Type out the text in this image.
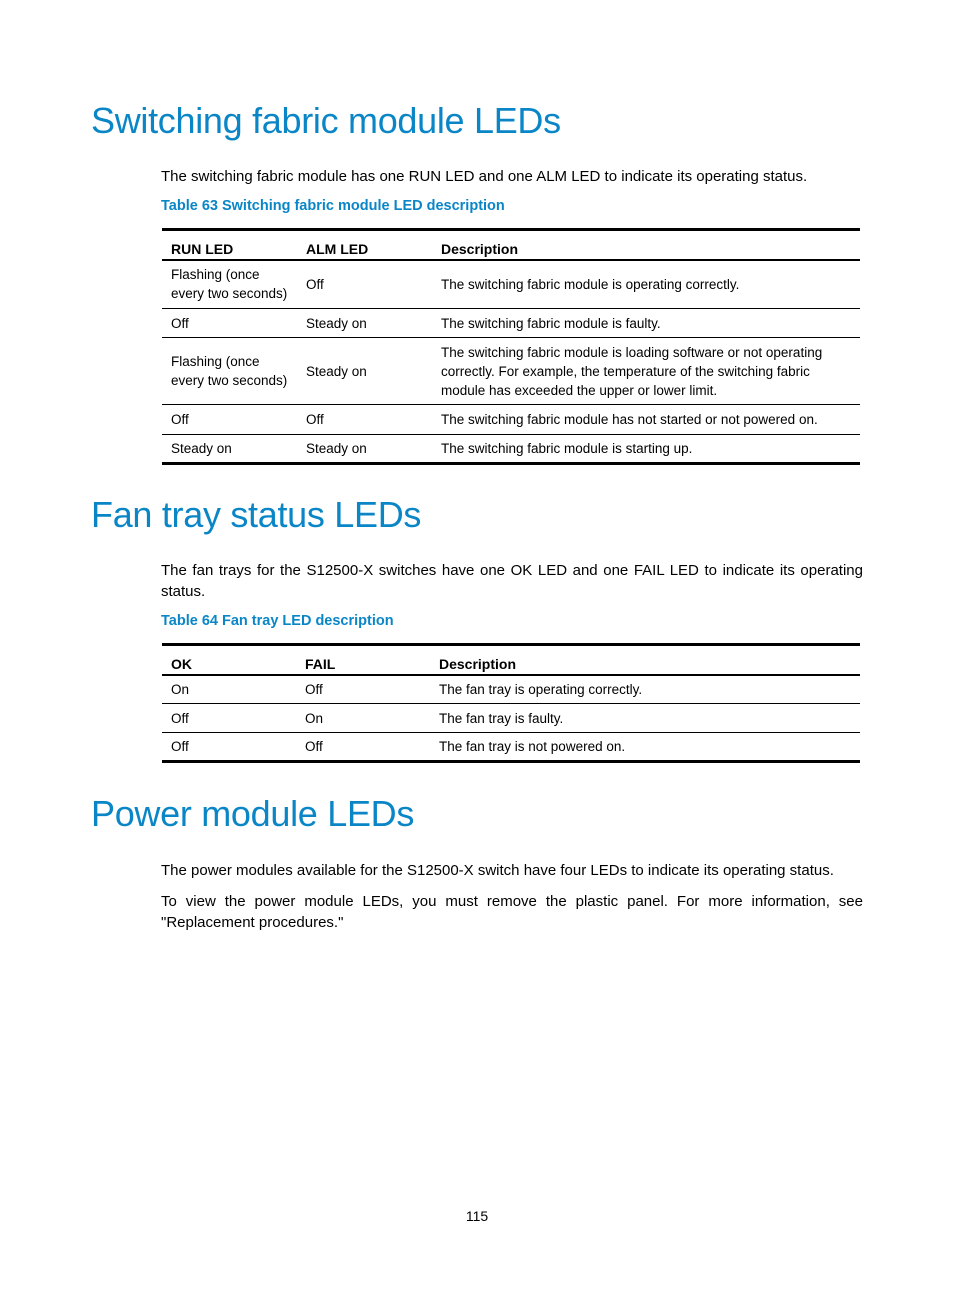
Switching fabric module LEDs

The switching fabric module has one RUN LED and one ALM LED to indicate its operating status.

Table 63 Switching fabric module LED description

RUN LED	ALM LED	Description
Flashing (once every two seconds)	Off	The switching fabric module is operating correctly.
Off	Steady on	The switching fabric module is faulty.
Flashing (once every two seconds)	Steady on	The switching fabric module is loading software or not operating correctly. For example, the temperature of the switching fabric module has exceeded the upper or lower limit.
Off	Off	The switching fabric module has not started or not powered on.
Steady on	Steady on	The switching fabric module is starting up.
Fan tray status LEDs

The fan trays for the S12500-X switches have one OK LED and one FAIL LED to indicate its operating status.

Table 64 Fan tray LED description

OK	FAIL	Description
On	Off	The fan tray is operating correctly.
Off	On	The fan tray is faulty.
Off	Off	The fan tray is not powered on.
Power module LEDs

The power modules available for the S12500-X switch have four LEDs to indicate its operating status.

To view the power module LEDs, you must remove the plastic panel. For more information, see "Replacement procedures."

115
